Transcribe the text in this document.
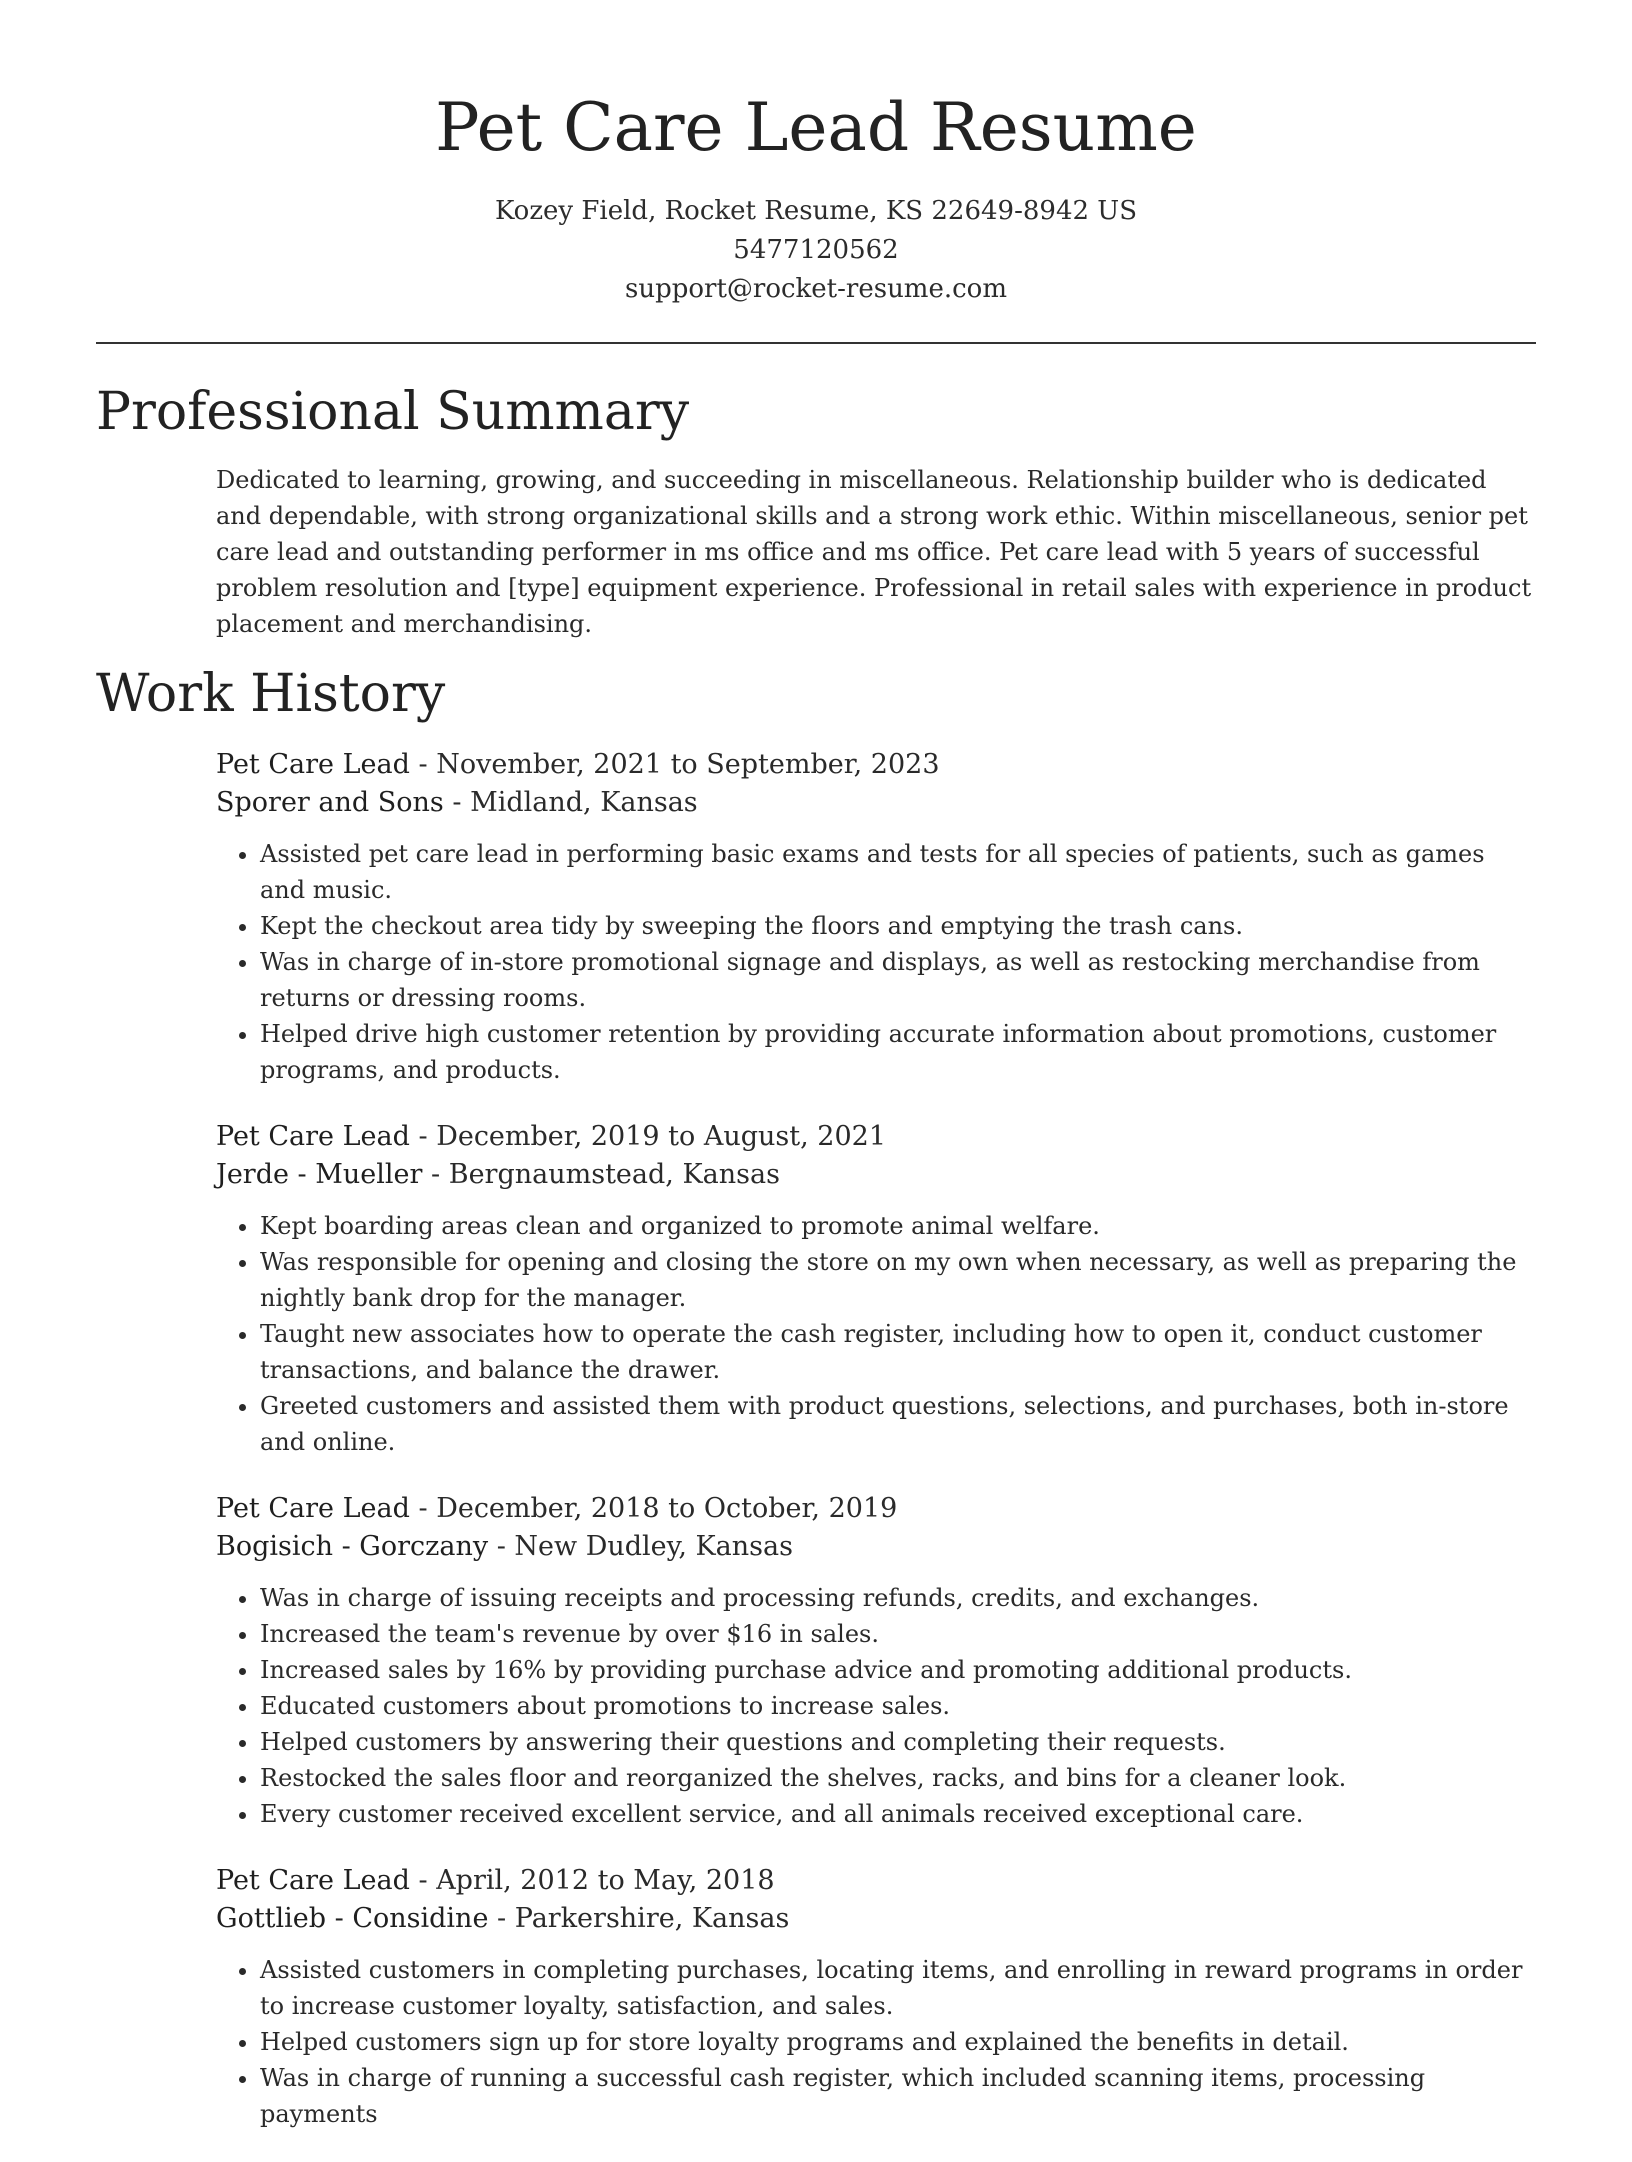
Pet Care Lead Resume
Kozey Field, Rocket Resume, KS 22649-8942 US
5477120562
support@rocket-resume.com
Professional Summary
Dedicated to learning, growing, and succeeding in miscellaneous. Relationship builder who is dedicated and dependable, with strong organizational skills and a strong work ethic. Within miscellaneous, senior pet care lead and outstanding performer in ms office and ms office. Pet care lead with 5 years of successful problem resolution and [type] equipment experience. Professional in retail sales with experience in product placement and merchandising.
Work History
Pet Care Lead - November, 2021 to September, 2023
Sporer and Sons - Midland, Kansas
• Assisted pet care lead in performing basic exams and tests for all species of patients, such as games and music.
• Kept the checkout area tidy by sweeping the floors and emptying the trash cans.
• Was in charge of in-store promotional signage and displays, as well as restocking merchandise from returns or dressing rooms.
• Helped drive high customer retention by providing accurate information about promotions, customer programs, and products.
Pet Care Lead - December, 2019 to August, 2021
Jerde - Mueller - Bergnaumstead, Kansas
• Kept boarding areas clean and organized to promote animal welfare.
• Was responsible for opening and closing the store on my own when necessary, as well as preparing the nightly bank drop for the manager.
• Taught new associates how to operate the cash register, including how to open it, conduct customer transactions, and balance the drawer.
• Greeted customers and assisted them with product questions, selections, and purchases, both in-store and online.
Pet Care Lead - December, 2018 to October, 2019
Bogisich - Gorczany - New Dudley, Kansas
• Was in charge of issuing receipts and processing refunds, credits, and exchanges.
• Increased the team's revenue by over $16 in sales.
• Increased sales by 16% by providing purchase advice and promoting additional products.
• Educated customers about promotions to increase sales.
• Helped customers by answering their questions and completing their requests.
• Restocked the sales floor and reorganized the shelves, racks, and bins for a cleaner look.
• Every customer received excellent service, and all animals received exceptional care.
Pet Care Lead - April, 2012 to May, 2018
Gottlieb - Considine - Parkershire, Kansas
• Assisted customers in completing purchases, locating items, and enrolling in reward programs in order to increase customer loyalty, satisfaction, and sales.
• Helped customers sign up for store loyalty programs and explained the benefits in detail.
• Was in charge of running a successful cash register, which included scanning items, processing payments
